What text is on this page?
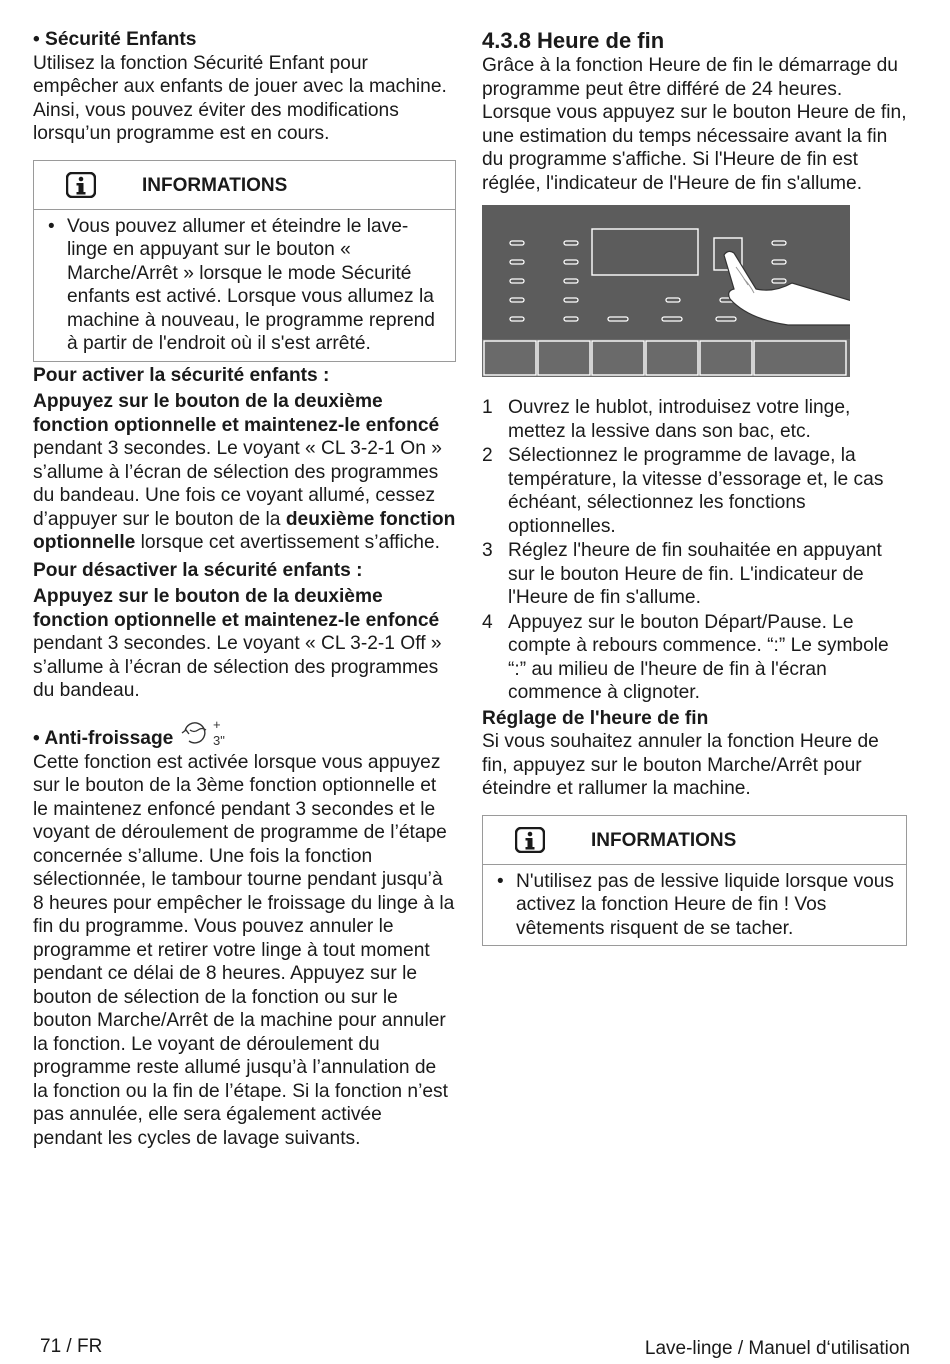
• Sécurité Enfants

Utilisez la fonction Sécurité Enfant pour empêcher aux enfants de jouer avec la machine. Ainsi, vous pouvez éviter des modifications lorsqu’un programme est en cours.

INFORMATIONS
• Vous pouvez allumer et éteindre le lave-linge en appuyant sur le bouton « Marche/Arrêt » lorsque le mode Sécurité enfants est activé. Lorsque vous allumez la machine à nouveau, le programme reprend à partir de l'endroit où il s'est arrêté.

Pour activer la sécurité enfants :

Appuyez sur le bouton de la deuxième fonction optionnelle et maintenez-le enfoncé pendant 3 secondes. Le voyant « CL 3-2-1 On » s’allume à l’écran de sélection des programmes du bandeau. Une fois ce voyant allumé, cessez d’appuyer sur le bouton de la deuxième fonction optionnelle lorsque cet avertissement s’affiche.

Pour désactiver la sécurité enfants :

Appuyez sur le bouton de la deuxième fonction optionnelle et maintenez-le enfoncé pendant 3 secondes. Le voyant « CL 3-2-1 Off » s’allume à l’écran de sélection des programmes du bandeau.

• Anti-froissage
+
3"

Cette fonction est activée lorsque vous appuyez sur le bouton de la 3ème fonction optionnelle et le maintenez enfoncé pendant 3 secondes et le voyant de déroulement de programme de l’étape concernée s’allume. Une fois la fonction sélectionnée, le tambour tourne pendant jusqu’à 8 heures pour empêcher le froissage du linge à la fin du programme. Vous pouvez annuler le programme et retirer votre linge à tout moment pendant ce délai de 8 heures. Appuyez sur le bouton de sélection de la fonction ou sur le bouton Marche/Arrêt de la machine pour annuler la fonction. Le voyant de déroulement du programme reste allumé jusqu’à l’annulation de la fonction ou la fin de l’étape. Si la fonction n’est pas annulée, elle sera également activée pendant les cycles de lavage suivants.

4.3.8 Heure de fin

Grâce à la fonction Heure de fin le démarrage du programme peut être différé de 24 heures. Lorsque vous appuyez sur le bouton Heure de fin, une estimation du temps nécessaire avant la fin du programme s'affiche. Si l'Heure de fin est réglée, l'indicateur de l'Heure de fin s'allume.

1 Ouvrez le hublot, introduisez votre linge, mettez la lessive dans son bac, etc.
2 Sélectionnez le programme de lavage, la température, la vitesse d’essorage et, le cas échéant, sélectionnez les fonctions optionnelles.
3 Réglez l'heure de fin souhaitée en appuyant sur le bouton Heure de fin. L'indicateur de l'Heure de fin s'allume.
4 Appuyez sur le bouton Départ/Pause. Le compte à rebours commence. “:” Le symbole “:” au milieu de l'heure de fin à l'écran commence à clignoter.

Réglage de l'heure de fin

Si vous souhaitez annuler la fonction Heure de fin, appuyez sur le bouton Marche/Arrêt pour éteindre et rallumer la machine.

INFORMATIONS
• N'utilisez pas de lessive liquide lorsque vous activez la fonction Heure de fin ! Vos vêtements risquent de se tacher.

71 / FR	Lave-linge / Manuel d‘utilisation
